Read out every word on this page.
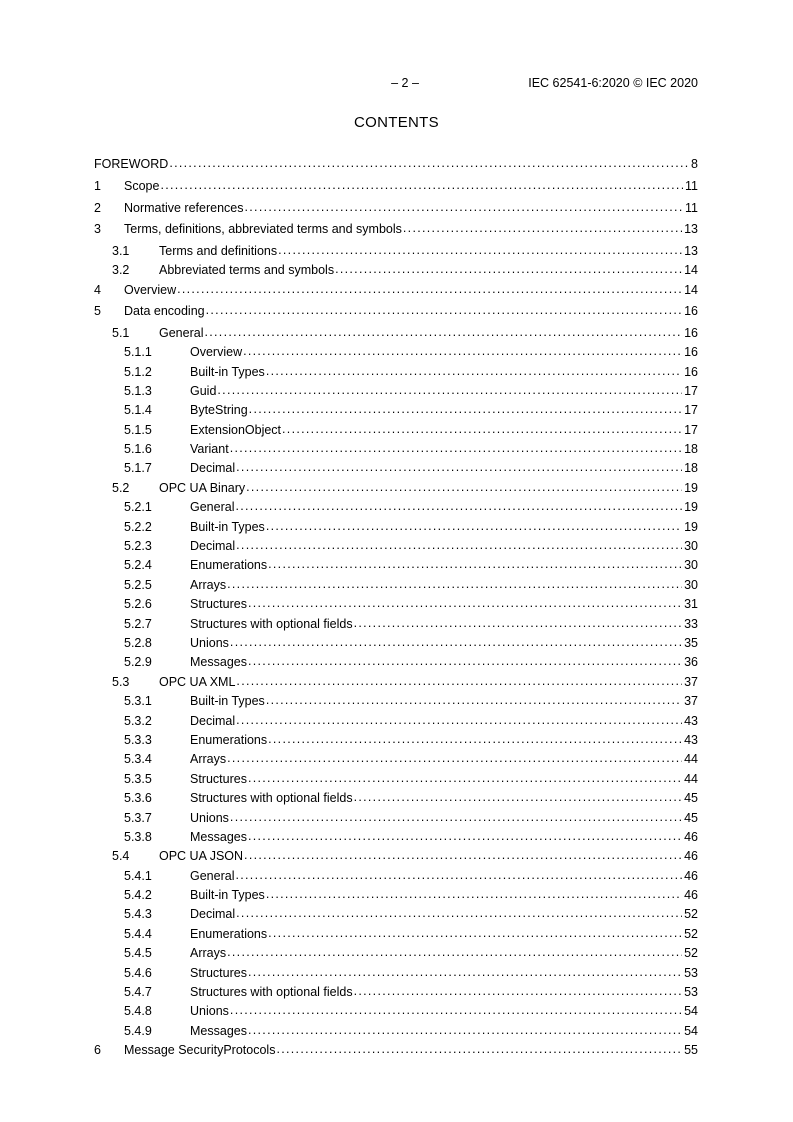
– 2 –	IEC 62541-6:2020 © IEC 2020
CONTENTS
FOREWORD .....	8
1	Scope .....	11
2	Normative references .....	11
3	Terms, definitions, abbreviated terms and symbols .....	13
3.1	Terms and definitions .....	13
3.2	Abbreviated terms and symbols .....	14
4	Overview .....	14
5	Data encoding .....	16
5.1	General .....	16
5.1.1	Overview .....	16
5.1.2	Built-in Types .....	16
5.1.3	Guid .....	17
5.1.4	ByteString .....	17
5.1.5	ExtensionObject .....	17
5.1.6	Variant .....	18
5.1.7	Decimal .....	18
5.2	OPC UA Binary .....	19
5.2.1	General .....	19
5.2.2	Built-in Types .....	19
5.2.3	Decimal .....	30
5.2.4	Enumerations .....	30
5.2.5	Arrays .....	30
5.2.6	Structures .....	31
5.2.7	Structures with optional fields .....	33
5.2.8	Unions .....	35
5.2.9	Messages .....	36
5.3	OPC UA XML .....	37
5.3.1	Built-in Types .....	37
5.3.2	Decimal .....	43
5.3.3	Enumerations .....	43
5.3.4	Arrays .....	44
5.3.5	Structures .....	44
5.3.6	Structures with optional fields .....	45
5.3.7	Unions .....	45
5.3.8	Messages .....	46
5.4	OPC UA JSON .....	46
5.4.1	General .....	46
5.4.2	Built-in Types .....	46
5.4.3	Decimal .....	52
5.4.4	Enumerations .....	52
5.4.5	Arrays .....	52
5.4.6	Structures .....	53
5.4.7	Structures with optional fields .....	53
5.4.8	Unions .....	54
5.4.9	Messages .....	54
6	Message SecurityProtocols .....	55
